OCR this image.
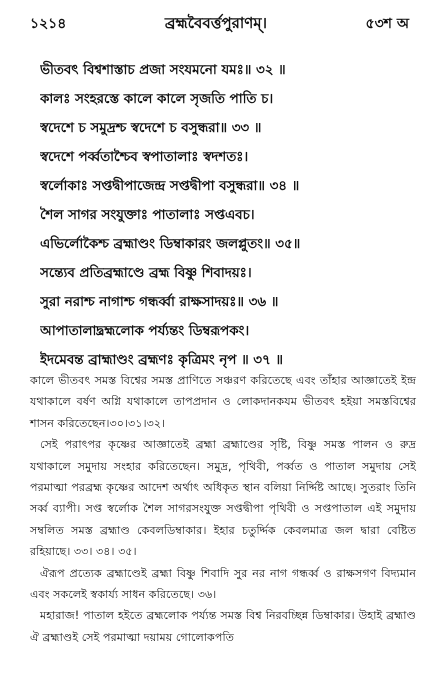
১২১৪	ব্রহ্মবৈবর্ত্তপুরাণম্।	৫৩শ অ
ভীতবৎ বিশ্বশাস্তাচ প্রজা সংযমনো যমঃ॥ ৩২ ॥
কালঃ সংহরস্তে কালে কালে সৃজতি পাতি চ।
স্বদেশে চ সমুদ্রশ্চ স্বদেশে চ বসুন্ধরা॥ ৩৩ ॥
স্বদেশে পর্ব্বতাশ্চৈব স্বপাতালাঃ স্বদশতঃ।
স্বর্লোকাঃ সপ্তদ্বীপাজেন্দ্র সপ্তদ্বীপা বসুন্ধরা॥ ৩৪ ॥
শৈল সাগর সংযুক্তাঃ পাতালাঃ সপ্তএবচ।
এভির্লোকৈশ্চ ব্রহ্মাণ্ডং ডিম্বাকারং জলপ্লুতং॥ ৩৫॥
সন্ত্যেব প্রতিব্রহ্মাণ্ডে ব্রহ্ম বিষ্ণু শিবাদয়ঃ।
সুরা নরাশ্চ নাগাশ্চ গন্ধর্ব্বা রাক্ষসাদয়ঃ॥ ৩৬ ॥
আপাতালাদ্ব্রহ্মলোক পর্য্যন্তং ডিম্বরূপকং।
ইদমেবন্ত ব্রাহ্মাণ্ডং ব্রহ্মণঃ কৃত্রিমং নৃপ ॥ ৩৭ ॥

কালে ভীতবৎ সমস্ত বিশ্বের সমস্ত প্রাণিতে সঞ্চরণ করিতেছে এবং তাঁহার আজ্ঞাতেই ইন্দ্র যথাকালে বর্ষণ অগ্নি যথাকালে তাপপ্রদান ও লোকদানকযম ভীতবৎ হইয়া সমস্তবিশ্বের শাসন করিতেছেন।৩০।৩১।৩২।

সেই পরাৎপর কৃষ্ণের আজ্ঞাতেই ব্রহ্মা ব্রহ্মাণ্ডের সৃষ্টি, বিষ্ণু সমস্ত পালন ও রুদ্র যথাকালে সমুদায় সংহার করিতেছেন। সমুদ্র, পৃথিবী, পর্ব্বত ও পাতাল সমুদায় সেই পরমাত্মা পরব্রহ্ম কৃষ্ণের আদেশ অর্থাৎ অধিকৃত স্থান বলিয়া নির্দ্দিষ্ট আছে। সুতরাং তিনি সর্ব্ব ব্যাপী। সপ্ত স্বর্লোক শৈল সাগরসংযুক্ত সপ্তদ্বীপা পৃথিবী ও সপ্তপাতাল এই সমুদায় সম্বলিত সমস্ত ব্রহ্মাণ্ড কেবলডিম্বাকার। ইহার চতুর্দ্দিক কেবলমাত্র জল দ্বারা বেষ্টিত রহিয়াছে। ৩৩। ৩৪। ৩৫।

ঐরূপ প্রত্যেক ব্রহ্মাণ্ডেই ব্রহ্মা বিষ্ণু শিবাদি সুর নর নাগ গন্ধর্ব্ব ও রাক্ষসগণ বিদ্যমান এবং সকলেই স্বকার্য্য সাধন করিতেছে। ৩৬।

মহারাজ! পাতাল হইতে ব্রহ্মলোক পর্য্যন্ত সমস্ত বিশ্ব নিরবচ্ছিন্ন ডিম্বাকার। উহাই ব্রহ্মাণ্ড ঐ ব্রহ্মাণ্ডই সেই পরমাত্মা দয়াময় গোলোকপতি
